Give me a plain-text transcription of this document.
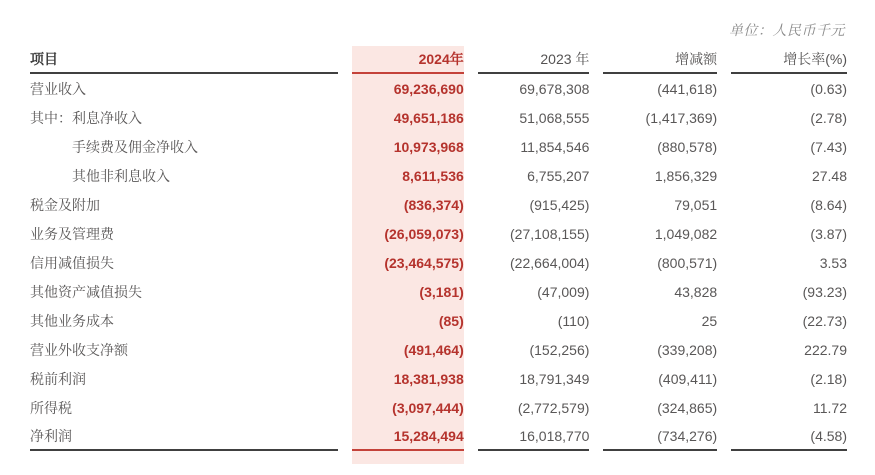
单位：人民币千元
项目	2024年	2023 年	增减额	增长率(%)
营业收入	69,236,690	69,678,308	(441,618)	(0.63)
其中：利息净收入	49,651,186	51,068,555	(1,417,369)	(2.78)
手续费及佣金净收入	10,973,968	11,854,546	(880,578)	(7.43)
其他非利息收入	8,611,536	6,755,207	1,856,329	27.48
税金及附加	(836,374)	(915,425)	79,051	(8.64)
业务及管理费	(26,059,073)	(27,108,155)	1,049,082	(3.87)
信用减值损失	(23,464,575)	(22,664,004)	(800,571)	3.53
其他资产减值损失	(3,181)	(47,009)	43,828	(93.23)
其他业务成本	(85)	(110)	25	(22.73)
营业外收支净额	(491,464)	(152,256)	(339,208)	222.79
税前利润	18,381,938	18,791,349	(409,411)	(2.18)
所得税	(3,097,444)	(2,772,579)	(324,865)	11.72
净利润	15,284,494	16,018,770	(734,276)	(4.58)
